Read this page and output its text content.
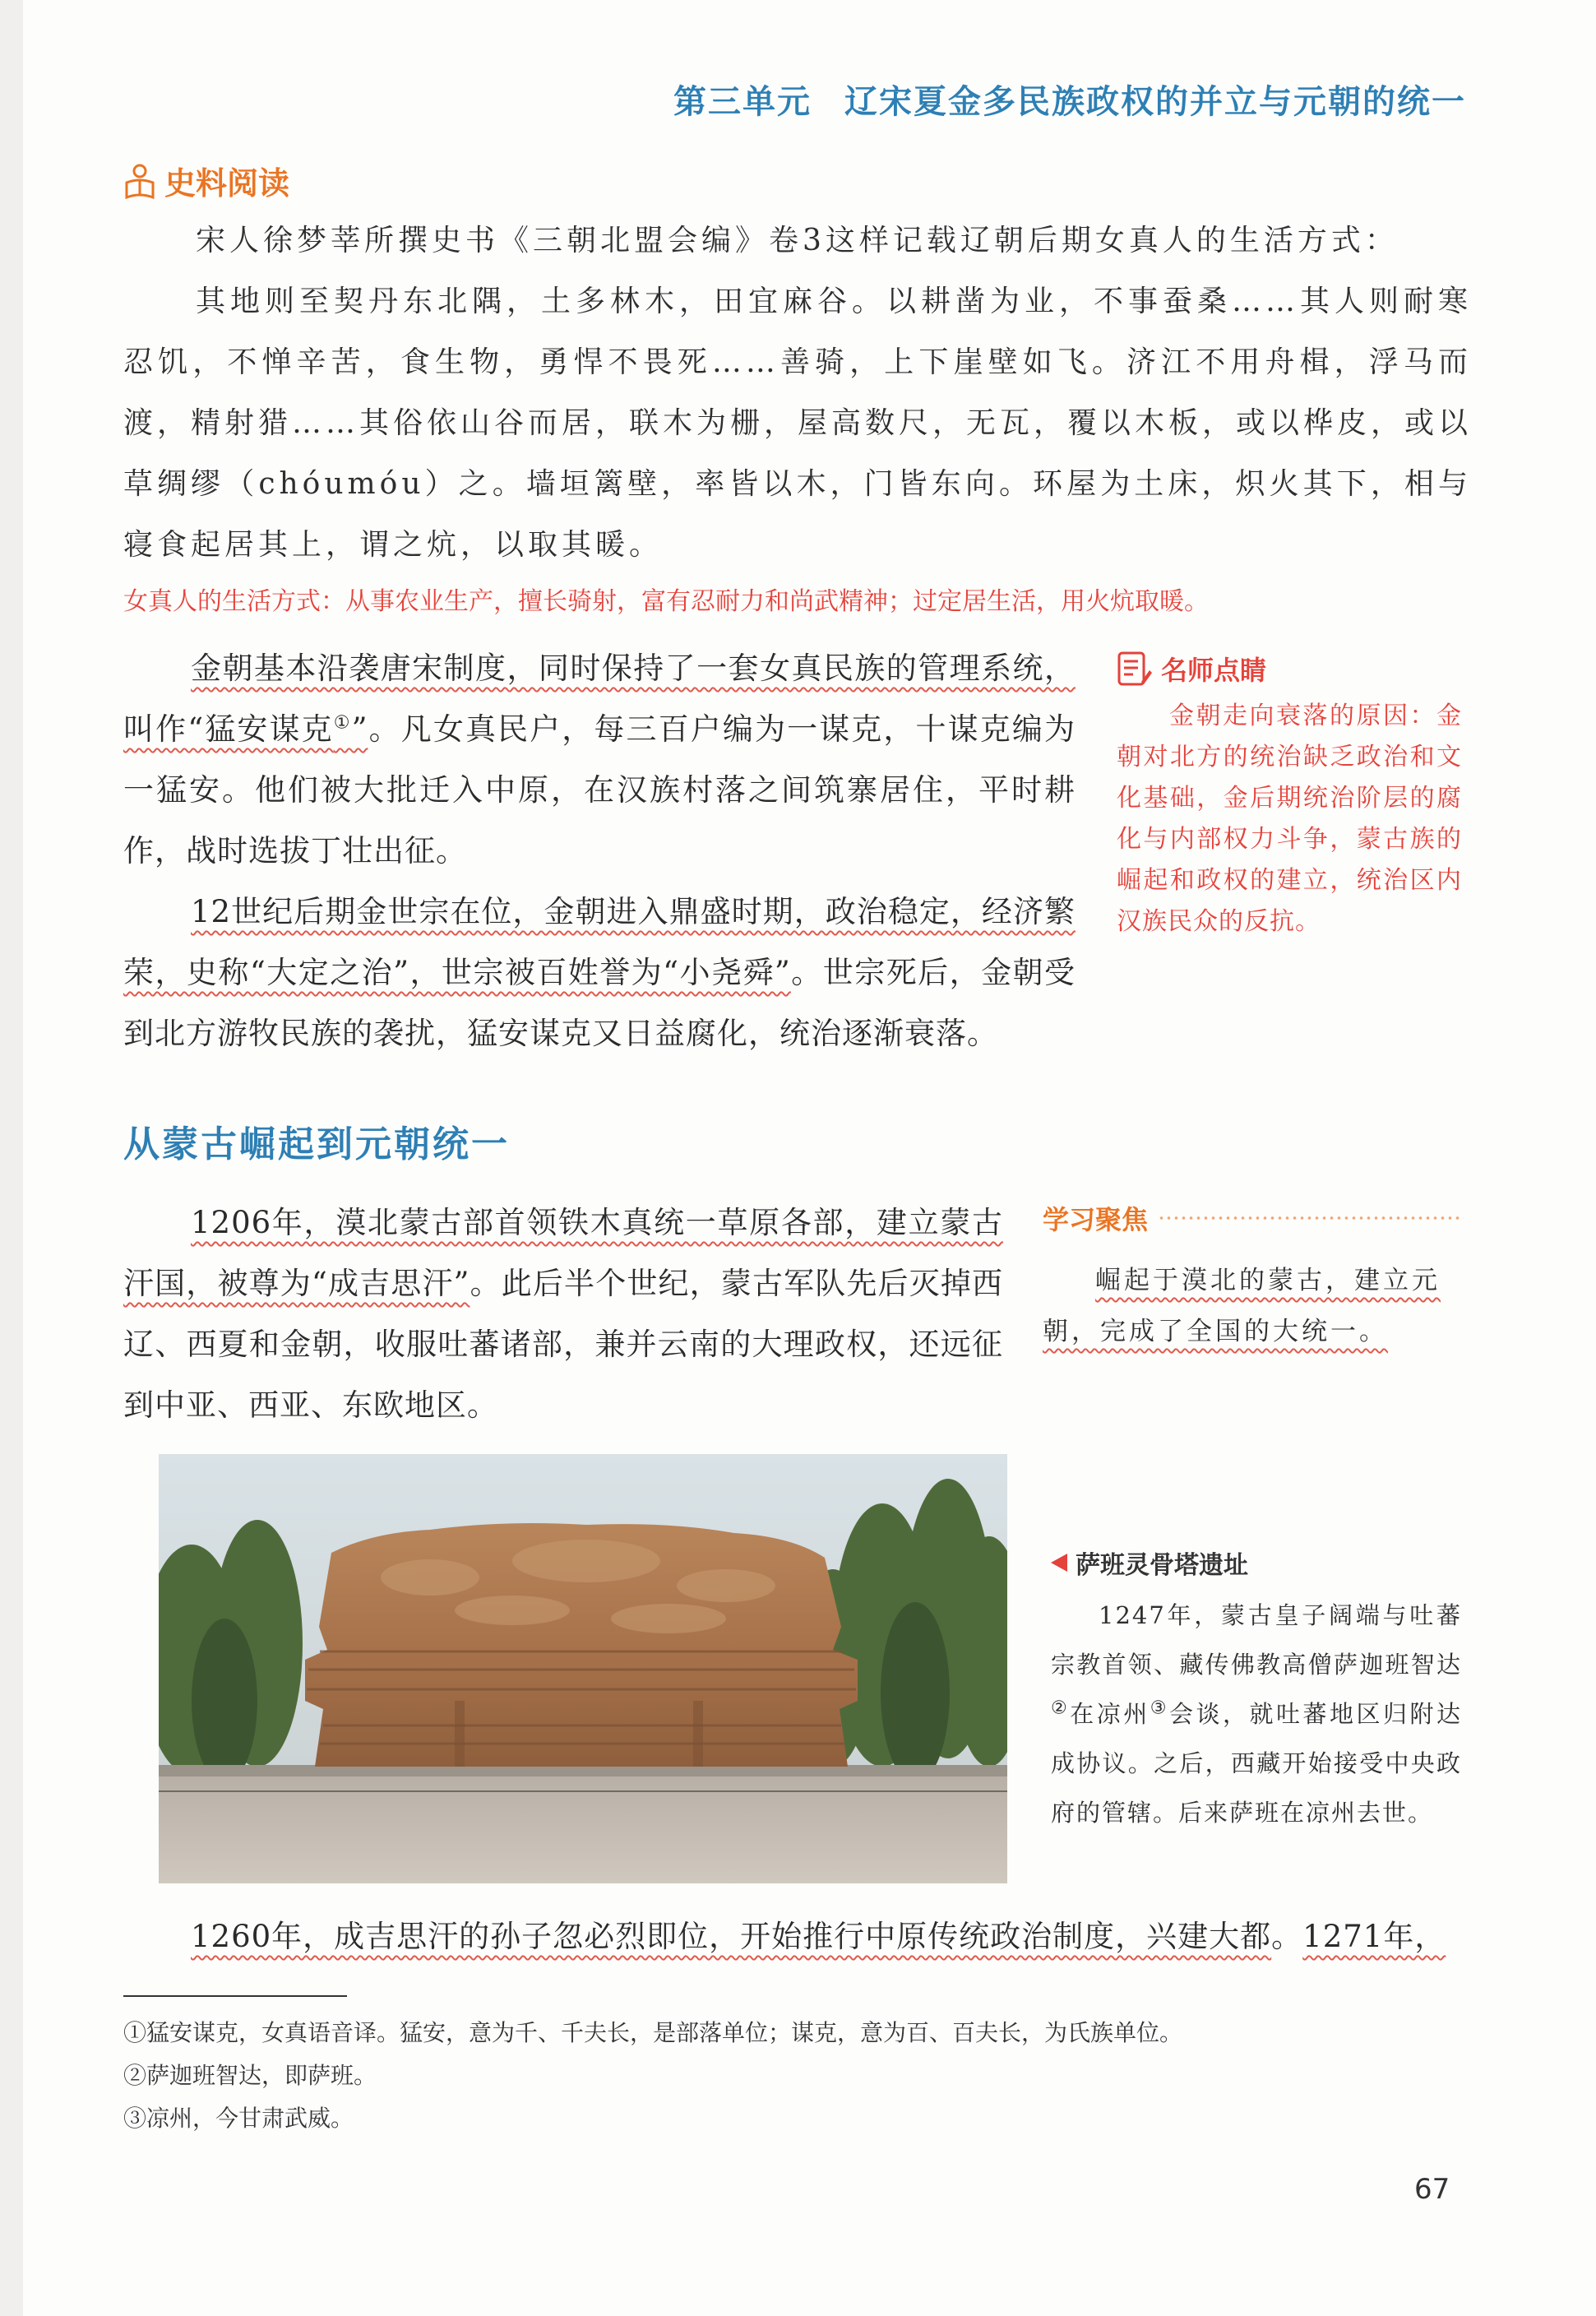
第三单元 辽宋夏金多民族政权的并立与元朝的统一
史料阅读

宋人徐梦莘所撰史书《三朝北盟会编》卷3这样记载辽朝后期女真人的生活方式：

其地则至契丹东北隅，土多林木，田宜麻谷。以耕凿为业，不事蚕桑……其人则耐寒忍饥，不惮辛苦，食生物，勇悍不畏死……善骑，上下崖壁如飞。济江不用舟楫，浮马而渡，精射猎……其俗依山谷而居，联木为栅，屋高数尺，无瓦，覆以木板，或以桦皮，或以草绸缪（chóumóu）之。墙垣篱壁，率皆以木，门皆东向。环屋为土床，炽火其下，相与寝食起居其上，谓之炕，以取其暖。

女真人的生活方式：从事农业生产，擅长骑射，富有忍耐力和尚武精神；过定居生活，用火炕取暖。

金朝基本沿袭唐宋制度，同时保持了一套女真民族的管理系统，叫作“猛安谋克①”。凡女真民户，每三百户编为一谋克，十谋克编为一猛安。他们被大批迁入中原，在汉族村落之间筑寨居住，平时耕作，战时选拔丁壮出征。

12世纪后期金世宗在位，金朝进入鼎盛时期，政治稳定，经济繁荣，史称“大定之治”，世宗被百姓誉为“小尧舜”。世宗死后，金朝受到北方游牧民族的袭扰，猛安谋克又日益腐化，统治逐渐衰落。

名师点睛
金朝走向衰落的原因：金朝对北方的统治缺乏政治和文化基础，金后期统治阶层的腐化与内部权力斗争，蒙古族的崛起和政权的建立，统治区内汉族民众的反抗。
从蒙古崛起到元朝统一

1206年，漠北蒙古部首领铁木真统一草原各部，建立蒙古汗国，被尊为“成吉思汗”。此后半个世纪，蒙古军队先后灭掉西辽、西夏和金朝，收服吐蕃诸部，兼并云南的大理政权，还远征到中亚、西亚、东欧地区。

学习聚焦
崛起于漠北的蒙古，建立元朝，完成了全国的大统一。
萨班灵骨塔遗址
1247年，蒙古皇子阔端与吐蕃宗教首领、藏传佛教高僧萨迦班智达②在凉州③会谈，就吐蕃地区归附达成协议。之后，西藏开始接受中央政府的管辖。后来萨班在凉州去世。

1260年，成吉思汗的孙子忽必烈即位，开始推行中原传统政治制度，兴建大都。1271年，

①猛安谋克，女真语音译。猛安，意为千、千夫长，是部落单位；谋克，意为百、百夫长，为氏族单位。
②萨迦班智达，即萨班。
③凉州，今甘肃武威。
67
